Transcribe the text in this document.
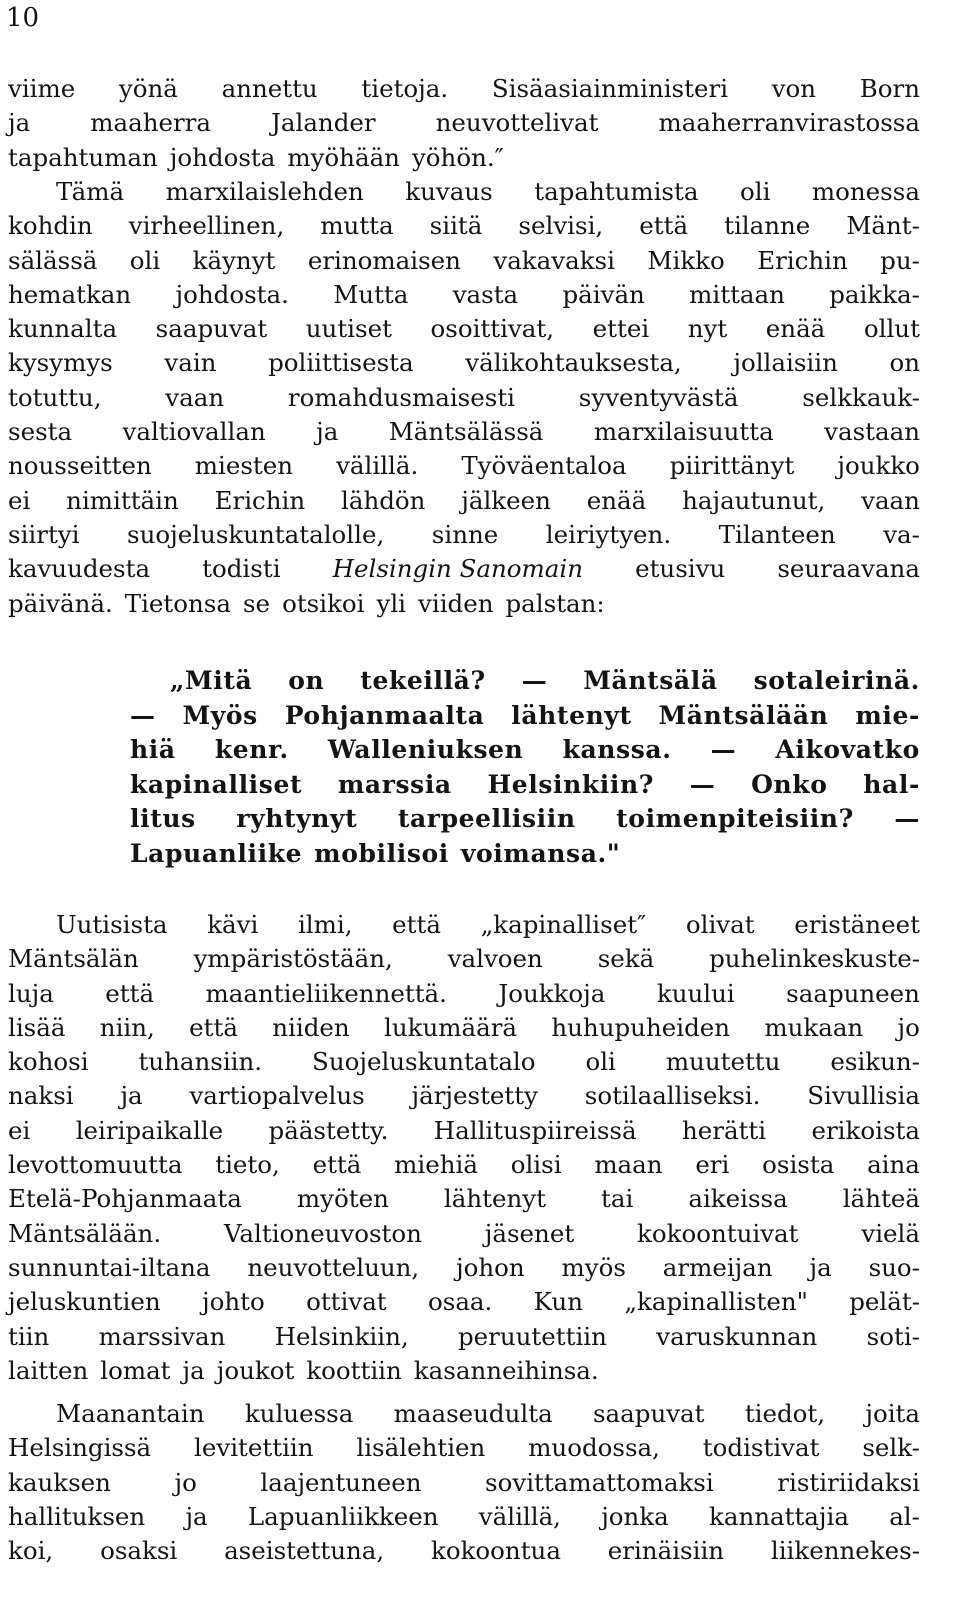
10
viime yönä annettu tietoja. Sisäasiainministeri von Born
ja maaherra Jalander neuvottelivat maaherranvirastossa
tapahtuman johdosta myöhään yöhön.″
Tämä marxilaislehden kuvaus tapahtumista oli monessa
kohdin virheellinen, mutta siitä selvisi, että tilanne Mänt-
sälässä oli käynyt erinomaisen vakavaksi Mikko Erichin pu-
hematkan johdosta. Mutta vasta päivän mittaan paikka-
kunnalta saapuvat uutiset osoittivat, ettei nyt enää ollut
kysymys vain poliittisesta välikohtauksesta, jollaisiin on
totuttu,	vaan	romahdusmaisesti	syventyvästä	selkkauk-
sesta valtiovallan ja Mäntsälässä marxilaisuutta vastaan
nousseitten miesten välillä. Työväentaloa piirittänyt joukko
ei nimittäin Erichin lähdön jälkeen enää hajautunut, vaan
siirtyi suojeluskuntatalolle, sinne leiriytyen. Tilanteen va-
kavuudesta todisti Helsingin Sanomain etusivu seuraavana
päivänä. Tietonsa se otsikoi yli viiden palstan:
„Mitä on tekeillä? — Mäntsälä sotaleirinä.
— Myös Pohjanmaalta lähtenyt Mäntsälään mie-
hiä kenr. Walleniuksen kanssa. — Aikovatko
kapinalliset marssia Helsinkiin? — Onko hal-
litus ryhtynyt tarpeellisiin toimenpiteisiin? —
Lapuanliike mobilisoi voimansa."
Uutisista kävi ilmi, että „kapinalliset″ olivat eristäneet
Mäntsälän ympäristöstään, valvoen sekä puhelinkeskuste-
luja että maantieliikennettä. Joukkoja kuului saapuneen
lisää niin, että niiden lukumäärä huhupuheiden mukaan jo
kohosi tuhansiin. Suojeluskuntatalo oli muutettu esikun-
naksi ja vartiopalvelus järjestetty sotilaalliseksi. Sivullisia
ei leiripaikalle päästetty. Hallituspiireissä herätti erikoista
levottomuutta tieto, että miehiä olisi maan eri osista aina
Etelä-Pohjanmaata myöten lähtenyt tai aikeissa lähteä
Mäntsälään.	Valtioneuvoston	jäsenet	kokoontuivat	vielä
sunnuntai-iltana neuvotteluun, johon myös armeijan ja suo-
jeluskuntien johto ottivat osaa. Kun „kapinallisten" pelät-
tiin marssivan Helsinkiin, peruutettiin varuskunnan soti-
laitten lomat ja joukot koottiin kasanneihinsa.
Maanantain kuluessa maaseudulta saapuvat tiedot, joita
Helsingissä levitettiin lisälehtien muodossa, todistivat selk-
kauksen	jo	laajentuneen	sovittamattomaksi	ristiriidaksi
hallituksen ja Lapuanliikkeen välillä, jonka kannattajia al-
koi, osaksi aseistettuna, kokoontua erinäisiin liikennekes-
